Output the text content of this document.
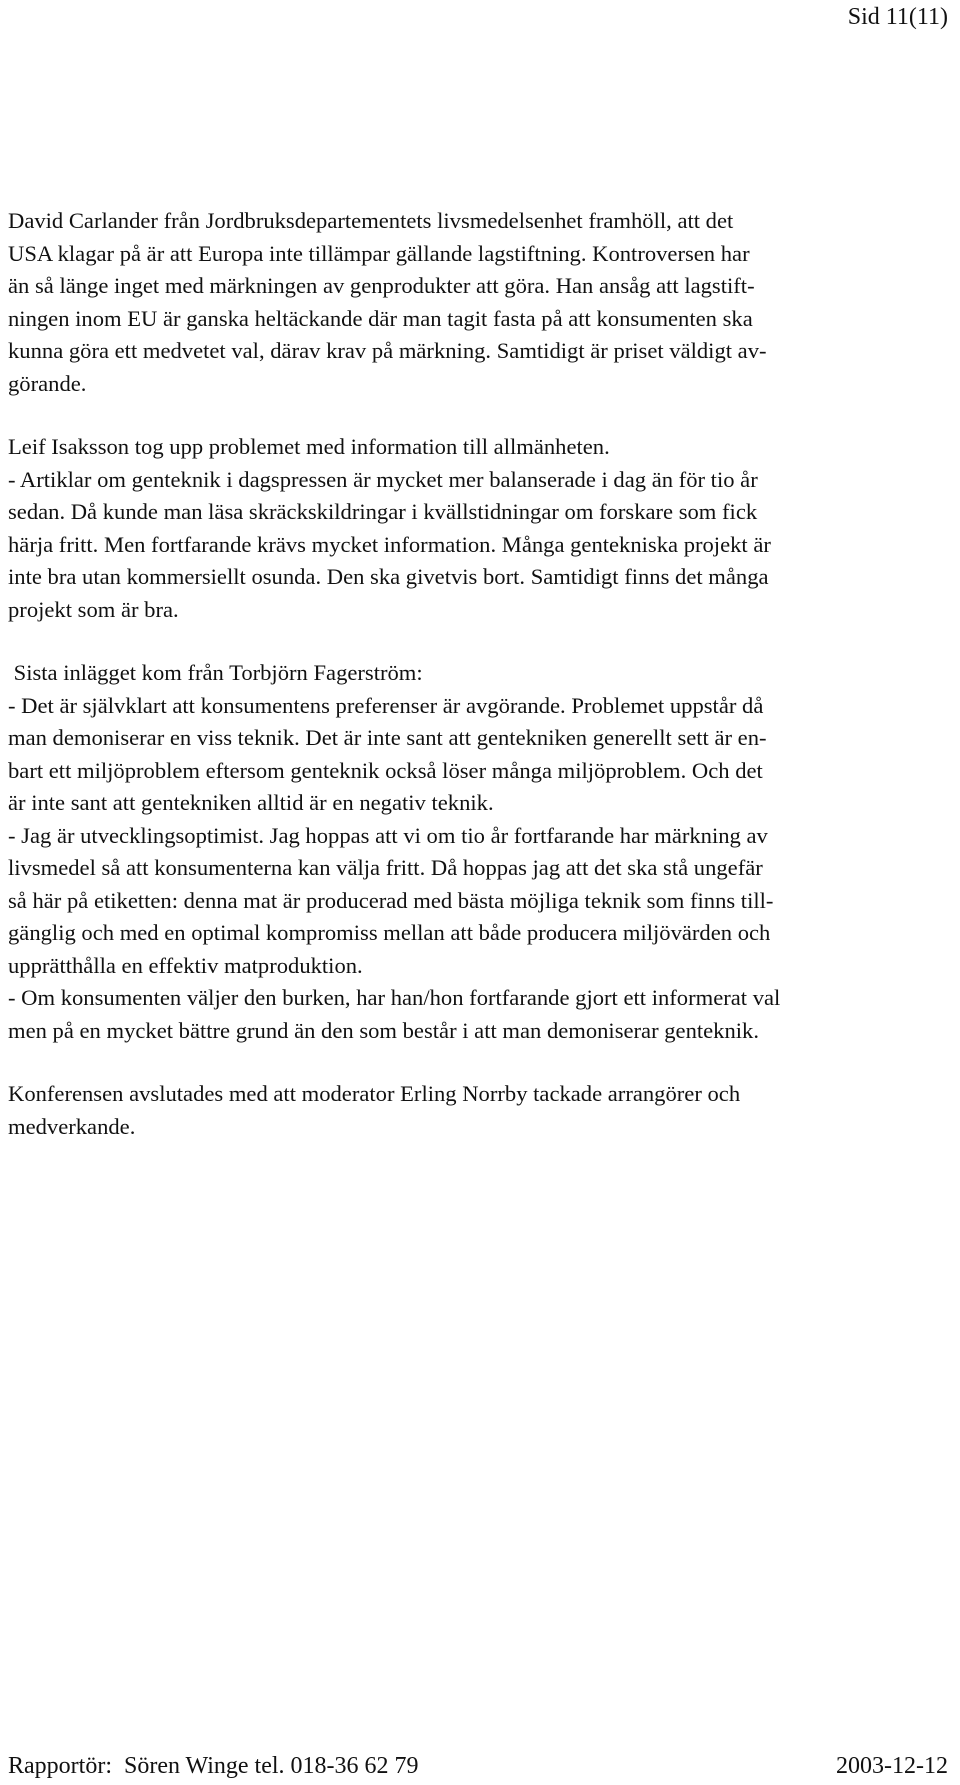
Sid 11(11)

David Carlander från Jordbruksdepartementets livsmedelsenhet framhöll, att det
USA klagar på är att Europa inte tillämpar gällande lagstiftning. Kontroversen har
än så länge inget med märkningen av genprodukter att göra. Han ansåg att lagstift-
ningen inom EU är ganska heltäckande där man tagit fasta på att konsumenten ska
kunna göra ett medvetet val, därav krav på märkning. Samtidigt är priset väldigt av-
görande.

Leif Isaksson tog upp problemet med information till allmänheten.
- Artiklar om genteknik i dagspressen är mycket mer balanserade i dag än för tio år
sedan. Då kunde man läsa skräckskildringar i kvällstidningar om forskare som fick
härja fritt. Men fortfarande krävs mycket information. Många gentekniska projekt är
inte bra utan kommersiellt osunda. Den ska givetvis bort. Samtidigt finns det många
projekt som är bra.

Sista inlägget kom från Torbjörn Fagerström:
- Det är självklart att konsumentens preferenser är avgörande. Problemet uppstår då
man demoniserar en viss teknik. Det är inte sant att gentekniken generellt sett är en-
bart ett miljöproblem eftersom genteknik också löser många miljöproblem. Och det
är inte sant att gentekniken alltid är en negativ teknik.
- Jag är utvecklingsoptimist. Jag hoppas att vi om tio år fortfarande har märkning av
livsmedel så att konsumenterna kan välja fritt. Då hoppas jag att det ska stå ungefär
så här på etiketten: denna mat är producerad med bästa möjliga teknik som finns till-
gänglig och med en optimal kompromiss mellan att både producera miljövärden och
upprätthålla en effektiv matproduktion.
- Om konsumenten väljer den burken, har han/hon fortfarande gjort ett informerat val
men på en mycket bättre grund än den som består i att man demoniserar genteknik.

Konferensen avslutades med att moderator Erling Norrby tackade arrangörer och
medverkande.

Rapportör:  Sören Winge tel. 018-36 62 79	2003-12-12
